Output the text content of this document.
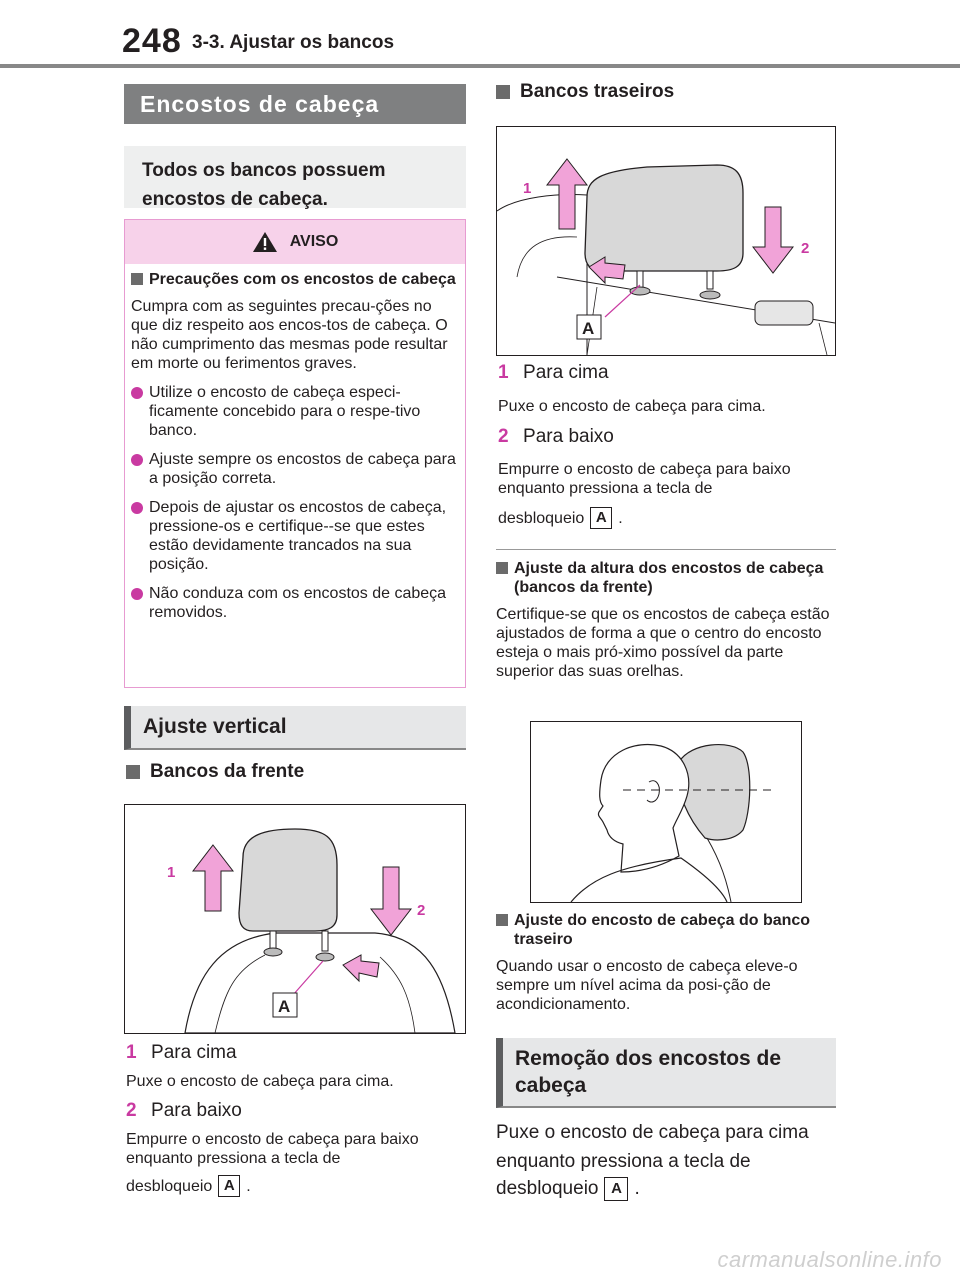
248 3-3. Ajustar os bancos
Encostos de cabeça
Todos os bancos possuem encostos de cabeça.
AVISO
Precauções com os encostos de cabeça
Cumpra com as seguintes precau-ções no que diz respeito aos encos-tos de cabeça. O não cumprimento das mesmas pode resultar em morte ou ferimentos graves.
Utilize o encosto de cabeça especi-ficamente concebido para o respe-tivo banco.
Ajuste sempre os encostos de cabeça para a posição correta.
Depois de ajustar os encostos de cabeça, pressione-os e certifique--se que estes estão devidamente trancados na sua posição.
Não conduza com os encostos de cabeça removidos.
Ajuste vertical
Bancos da frente
1
2
A
1 Para cima
Puxe o encosto de cabeça para cima.
2 Para baixo
Empurre o encosto de cabeça para baixo enquanto pressiona a tecla de
desbloqueio A .
Bancos traseiros
1
2
A
1 Para cima
Puxe o encosto de cabeça para cima.
2 Para baixo
Empurre o encosto de cabeça para baixo enquanto pressiona a tecla de
desbloqueio A .
Ajuste da altura dos encostos de cabeça (bancos da frente)
Certifique-se que os encostos de cabeça estão ajustados de forma a que o centro do encosto esteja o mais pró-ximo possível da parte superior das suas orelhas.
Ajuste do encosto de cabeça do banco traseiro
Quando usar o encosto de cabeça eleve-o sempre um nível acima da posi-ção de acondicionamento.
Remoção dos encostos de cabeça
Puxe o encosto de cabeça para cima enquanto pressiona a tecla de
desbloqueio A .
carmanualsonline.info
